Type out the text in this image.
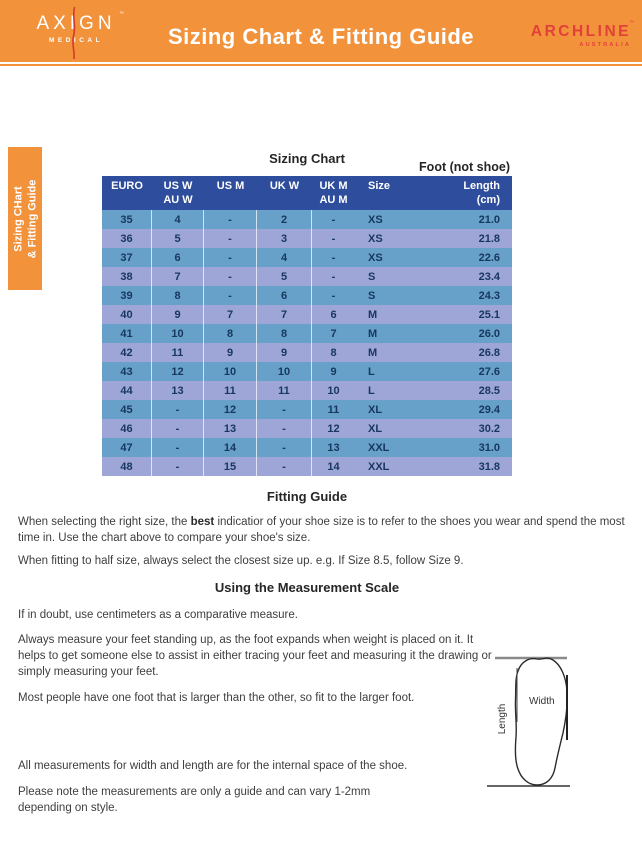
AXIGN ™
MEDICAL	Sizing Chart & Fitting Guide	ARCHLINE
™
AUSTRALIA
Sizing CHart & Fitting Guide
Sizing Chart
Foot (not shoe)
EURO	US W
AU W
US M	UK W	UK M
AU M
Size	Length
(cm)
35	4	-	2	-	XS	21.0
36	5	-	3	-	XS	21.8
37	6	-	4	-	XS	22.6
38	7	-	5	-	S	23.4
39	8	-	6	-	S	24.3
40	9	7	7	6	M	25.1
41	10	8	8	7	M	26.0
42	11	9	9	8	M	26.8
43	12	10	10	9	L	27.6
44	13	11	11	10	L	28.5
45	-	12	-	11	XL	29.4
46	-	13	-	12	XL	30.2
47	-	14	-	13	XXL	31.0
48	-	15	-	14	XXL	31.8
Fitting Guide
When selecting the right size, the best indicatior of your shoe size is to refer to the shoes you wear and spend the most time in. Use the chart above to compare your shoe's size.
When fitting to half size, always select the closest size up. e.g. If Size 8.5, follow Size 9.
Using the Measurement Scale
If in doubt, use centimeters as a comparative measure.
Always measure your feet standing up, as the foot expands when weight is placed on it. It helps to get someone else to assist in either tracing your feet and measuring it the drawing or simply measuring your feet.
Most people have one foot that is larger than the other, so fit to the larger foot.
All measurements for width and length are for the internal space of the shoe.
Please note the measurements are only a guide and can vary 1-2mm depending on style.
Width
Length
